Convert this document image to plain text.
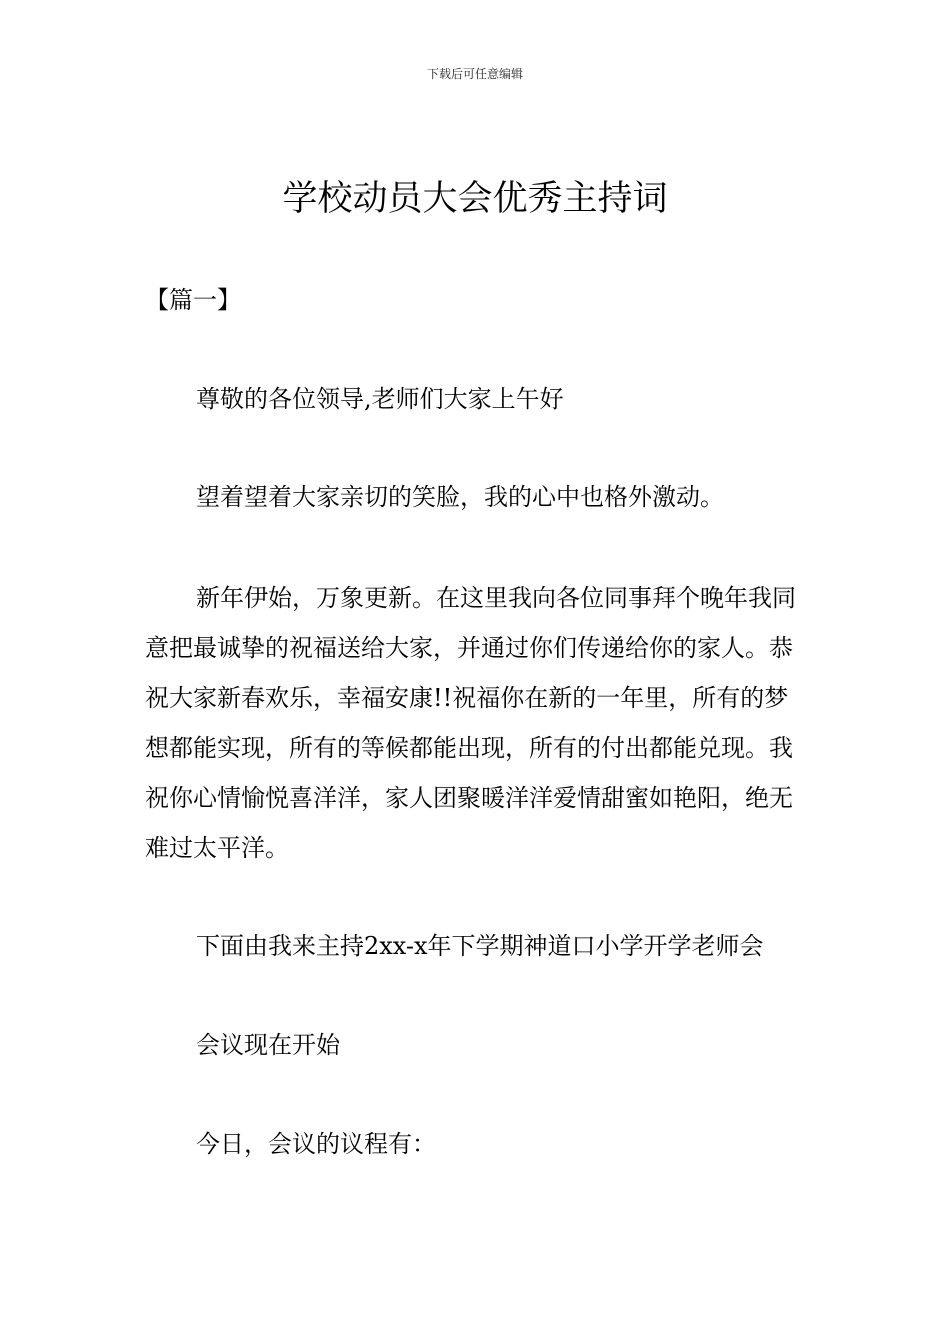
下载后可任意编辑
学校动员大会优秀主持词
【篇一】

尊敬的各位领导,老师们大家上午好

望着望着大家亲切的笑脸，我的心中也格外激动。

新年伊始，万象更新。在这里我向各位同事拜个晚年我同意把最诚挚的祝福送给大家，并通过你们传递给你的家人。恭祝大家新春欢乐，幸福安康!!祝福你在新的一年里，所有的梦想都能实现，所有的等候都能出现，所有的付出都能兑现。我祝你心情愉悦喜洋洋，家人团聚暖洋洋爱情甜蜜如艳阳，绝无难过太平洋。

下面由我来主持2xx-x年下学期神道口小学开学老师会

会议现在开始

今日，会议的议程有：
